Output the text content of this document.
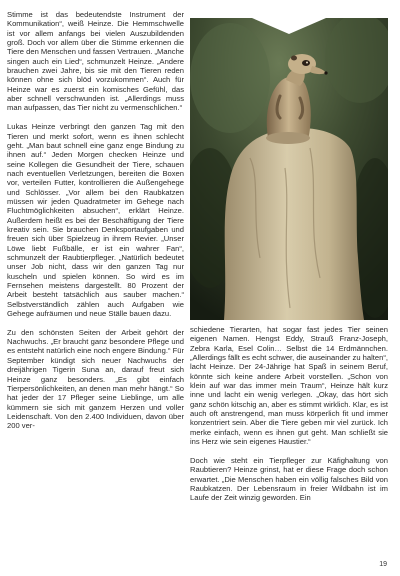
Stimme ist das bedeutendste Instrument der Kommunikation“, weiß Heinze. Die Hemmschwelle ist vor allem anfangs bei vielen Auszubildenden groß. Doch vor allem über die Stimme erkennen die Tiere den Menschen und fassen Vertrauen. „Manche singen auch ein Lied“, schmunzelt Heinze. „Andere brauchen zwei Jahre, bis sie mit den Tieren reden können ohne sich blöd vorzukommen“. Auch für Heinze war es zuerst ein komisches Gefühl, das aber schnell verschwunden ist. „Allerdings muss man aufpassen, das Tier nicht zu vermenschlichen.“

Lukas Heinze verbringt den ganzen Tag mit den Tieren und merkt sofort, wenn es ihnen schlecht geht. „Man baut schnell eine ganz enge Bindung zu ihnen auf.“ Jeden Morgen checken Heinze und seine Kollegen die Gesundheit der Tiere, schauen nach eventuellen Verletzungen, bereiten die Boxen vor, verteilen Futter, kontrollieren die Außengehege und Schlösser. „Vor allem bei den Raubkatzen müssen wir jeden Quadratmeter im Gehege nach Fluchtmöglichkeiten absuchen“, erklärt Heinze. Außerdem heißt es bei der Beschäftigung der Tiere kreativ sein. Sie brauchen Denksportaufgaben und freuen sich über Spielzeug in ihrem Revier. „Unser Löwe liebt Fußbälle, er ist ein wahrer Fan“, schmunzelt der Raubtierpfleger. „Natürlich bedeutet unser Job nicht, dass wir den ganzen Tag nur kuscheln und spielen können. So wird es im Fernsehen meistens dargestellt. 80 Prozent der Arbeit besteht tatsächlich aus sauber machen.“ Selbstverständlich zählen auch Aufgaben wie Gehege aufräumen und neue Ställe bauen dazu.

Zu den schönsten Seiten der Arbeit gehört der Nachwuchs. „Er braucht ganz besondere Pflege und es entsteht natürlich eine noch engere Bindung.“ Für September kündigt sich neuer Nachwuchs der dreijährigen Tigerin Suna an, darauf freut sich Heinze ganz besonders. „Es gibt einfach Tierpersönlichkeiten, an denen man mehr hängt.“ So hat jeder der 17 Pfleger seine Lieblinge, um alle kümmern sie sich mit ganzem Herzen und voller Leidenschaft. Von den 2.400 Individuen, davon über 200 ver-

schiedene Tierarten, hat sogar fast jedes Tier seinen eigenen Namen. Hengst Eddy, Strauß Franz-Joseph, Zebra Karla, Esel Colin… Selbst die 14 Erdmännchen. „Allerdings fällt es echt schwer, die auseinander zu halten“, lacht Heinze. Der 24-Jährige hat Spaß in seinem Beruf, könnte sich keine andere Arbeit vorstellen. „Schon von klein auf war das immer mein Traum“, Heinze hält kurz inne und lacht ein wenig verlegen. „Okay, das hört sich ganz schön kitschig an, aber es stimmt wirklich. Klar, es ist auch oft anstrengend, man muss körperlich fit und immer konzentriert sein. Aber die Tiere geben mir viel zurück. Ich merke einfach, wenn es ihnen gut geht. Man schließt sie ins Herz wie sein eigenes Haustier.“

Doch wie steht ein Tierpfleger zur Käfighaltung von Raubtieren? Heinze grinst, hat er diese Frage doch schon erwartet. „Die Menschen haben ein völlig falsches Bild von Raubkatzen. Der Lebensraum in freier Wildbahn ist im Laufe der Zeit winzig geworden. Ein

19
